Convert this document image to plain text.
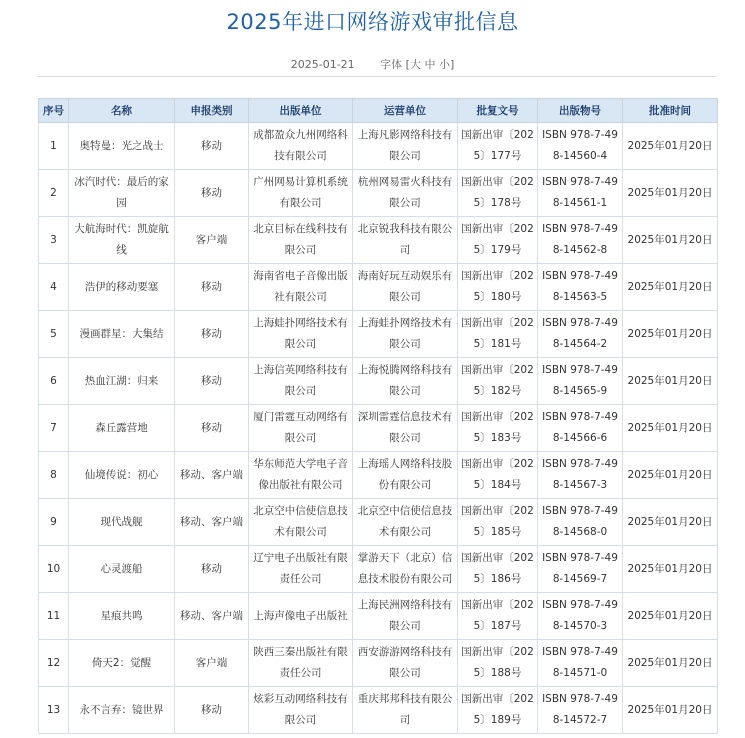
2025年进口网络游戏审批信息
2025-01-21 字体 [大 中 小]
序号	名称	申报类别	出版单位	运营单位	批复文号	出版物号	批准时间
1	奥特曼：光之战士	移动	成都盈众九州网络科技有限公司	上海凡影网络科技有限公司	国新出审〔2025〕177号	ISBN 978-7-498-14560-4	2025年01月20日
2	冰汽时代：最后的家园	移动	广州网易计算机系统有限公司	杭州网易雷火科技有限公司	国新出审〔2025〕178号	ISBN 978-7-498-14561-1	2025年01月20日
3	大航海时代：凯旋航线	客户端	北京目标在线科技有限公司	北京锐我科技有限公司	国新出审〔2025〕179号	ISBN 978-7-498-14562-8	2025年01月20日
4	浩伊的移动要塞	移动	海南省电子音像出版社有限公司	海南好玩互动娱乐有限公司	国新出审〔2025〕180号	ISBN 978-7-498-14563-5	2025年01月20日
5	漫画群星：大集结	移动	上海蛙扑网络技术有限公司	上海蛙扑网络技术有限公司	国新出审〔2025〕181号	ISBN 978-7-498-14564-2	2025年01月20日
6	热血江湖：归来	移动	上海信英网络科技有限公司	上海悦腾网络科技有限公司	国新出审〔2025〕182号	ISBN 978-7-498-14565-9	2025年01月20日
7	森丘露营地	移动	厦门雷霆互动网络有限公司	深圳雷霆信息技术有限公司	国新出审〔2025〕183号	ISBN 978-7-498-14566-6	2025年01月20日
8	仙境传说：初心	移动、客户端	华东师范大学电子音像出版社有限公司	上海瑶人网络科技股份有限公司	国新出审〔2025〕184号	ISBN 978-7-498-14567-3	2025年01月20日
9	现代战舰	移动、客户端	北京空中信使信息技术有限公司	北京空中信使信息技术有限公司	国新出审〔2025〕185号	ISBN 978-7-498-14568-0	2025年01月20日
10	心灵渡船	移动	辽宁电子出版社有限责任公司	掌游天下（北京）信息技术股份有限公司	国新出审〔2025〕186号	ISBN 978-7-498-14569-7	2025年01月20日
11	星痕共鸣	移动、客户端	上海声像电子出版社	上海民洲网络科技有限公司	国新出审〔2025〕187号	ISBN 978-7-498-14570-3	2025年01月20日
12	倚天2：觉醒	客户端	陕西三秦出版社有限责任公司	西安游游网络科技有限公司	国新出审〔2025〕188号	ISBN 978-7-498-14571-0	2025年01月20日
13	永不言弃：镜世界	移动	炫彩互动网络科技有限公司	重庆邦邦科技有限公司	国新出审〔2025〕189号	ISBN 978-7-498-14572-7	2025年01月20日
